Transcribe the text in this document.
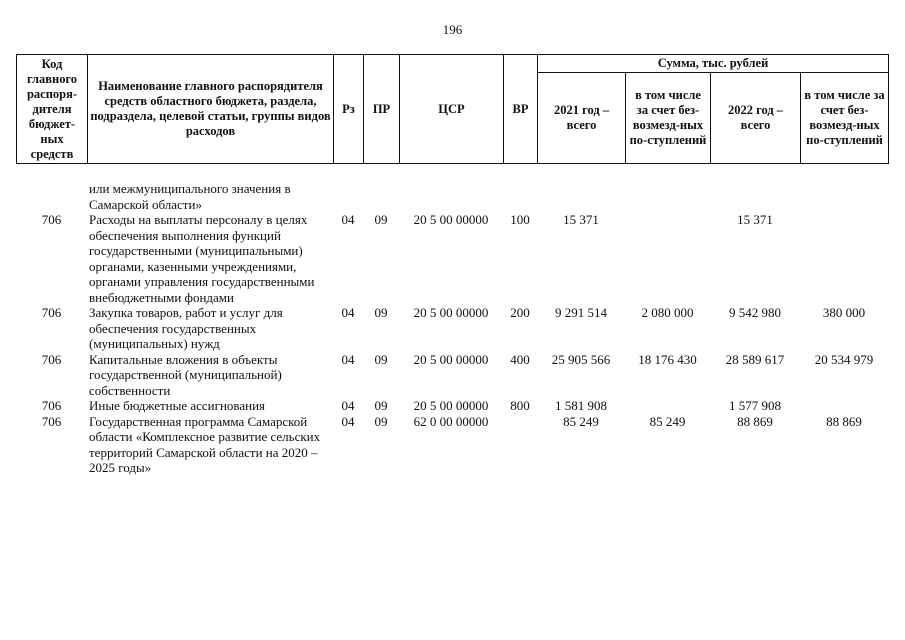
196
Код главного распоря-дителя бюджет-ных средств	Наименование главного распорядителя средств областного бюджета, раздела, подраздела, целевой статьи, группы видов расходов	Рз	ПР	ЦСР	ВР	Сумма, тыс. рублей			
						2021 год – всего	в том числе за счет без-возмезд-ных по-ступлений	2022 год – всего	в том числе за счет без-возмезд-ных по-ступлений
	или межмуниципального значения в Самарской области»								
706	Расходы на выплаты персоналу в целях обеспечения выполнения функций государственными (муниципальными) органами, казенными учреждениями, органами управления государственными внебюджетными фондами	04	09	20 5 00 00000	100	15 371		15 371	
706	Закупка товаров, работ и услуг для обеспечения государственных (муниципальных) нужд	04	09	20 5 00 00000	200	9 291 514	2 080 000	9 542 980	380 000
706	Капитальные вложения в объекты государственной (муниципальной) собственности	04	09	20 5 00 00000	400	25 905 566	18 176 430	28 589 617	20 534 979
706	Иные бюджетные ассигнования	04	09	20 5 00 00000	800	1 581 908		1 577 908	
706	Государственная программа Самарской области «Комплексное развитие сельских территорий Самарской области на 2020 – 2025 годы»	04	09	62 0 00 00000		85 249	85 249	88 869	88 869
